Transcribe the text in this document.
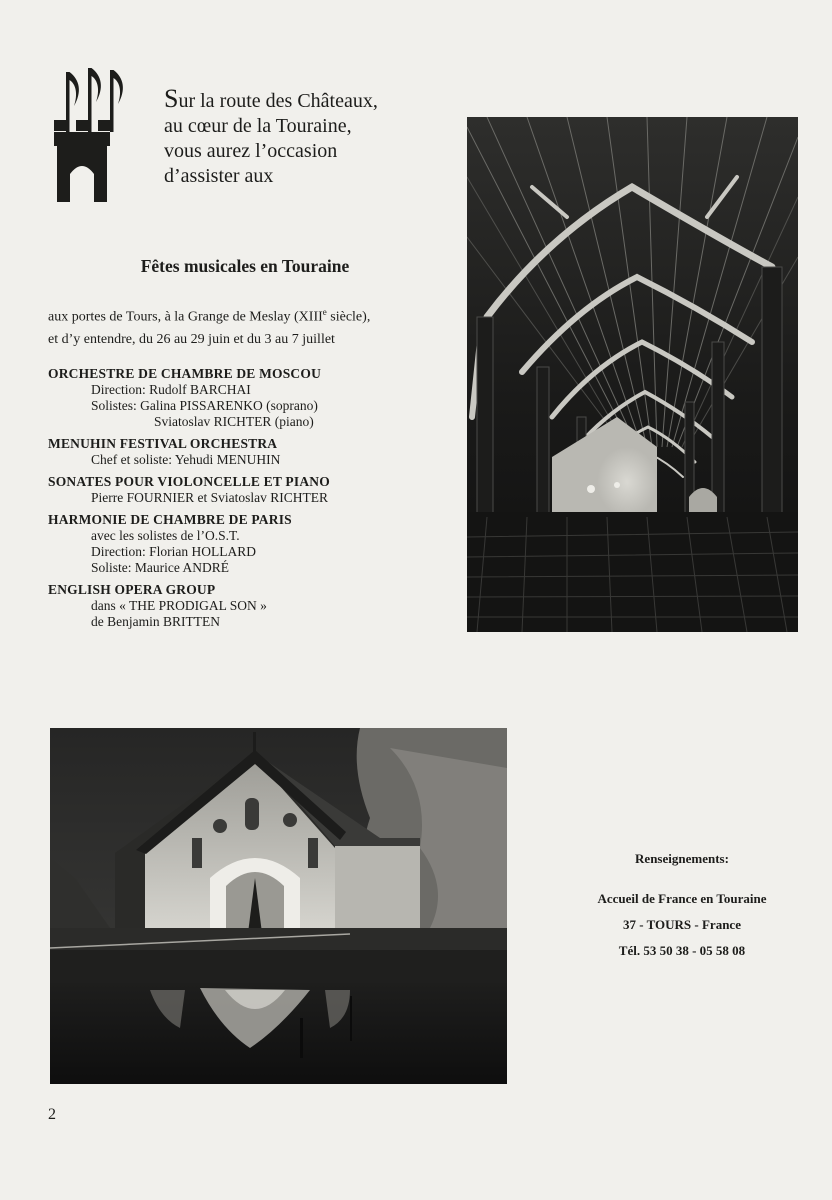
Sur la route des Châteaux,
au cœur de la Touraine,
vous aurez l’occasion
d’assister aux

Fêtes musicales en Touraine
aux portes de Tours, à la Grange de Meslay (XIIIe siècle),
et d’y entendre, du 26 au 29 juin et du 3 au 7 juillet
ORCHESTRE DE CHAMBRE DE MOSCOU
Direction: Rudolf BARCHAI
Solistes: Galina PISSARENKO (soprano)
Sviatoslav RICHTER (piano)
MENUHIN FESTIVAL ORCHESTRA
Chef et soliste: Yehudi MENUHIN
SONATES POUR VIOLONCELLE ET PIANO
Pierre FOURNIER et Sviatoslav RICHTER
HARMONIE DE CHAMBRE DE PARIS
avec les solistes de l’O.S.T.
Direction: Florian HOLLARD
Soliste: Maurice ANDRÉ
ENGLISH OPERA GROUP
dans « THE PRODIGAL SON »
de Benjamin BRITTEN
Renseignements:
Accueil de France en Touraine
37 - TOURS - France
Tél. 53 50 38 - 05 58 08
2
